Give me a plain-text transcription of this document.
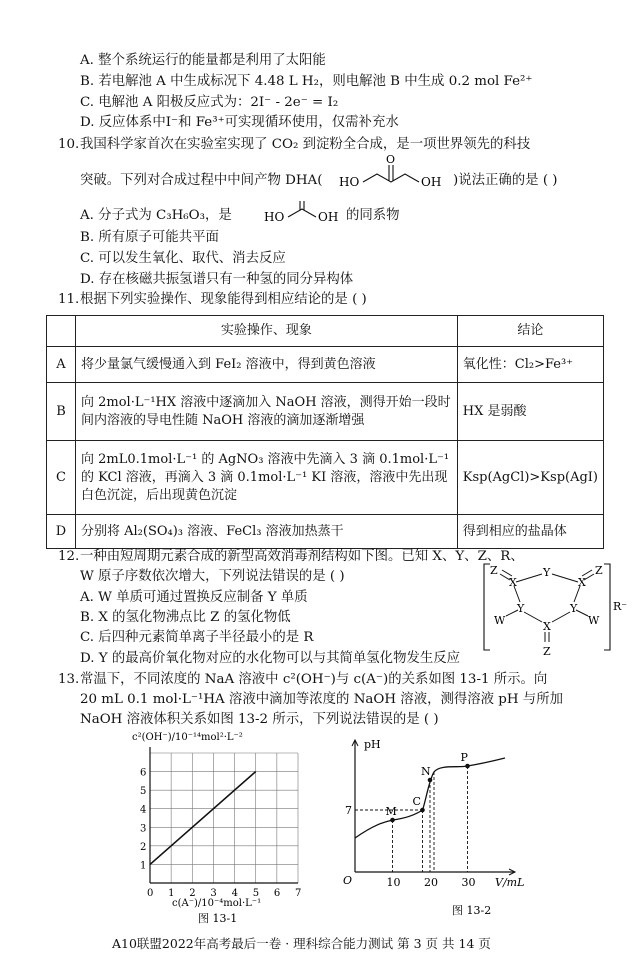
A. 整个系统运行的能量都是利用了太阳能
B. 若电解池 A 中生成标况下 4.48 L H₂，则电解池 B 中生成 0.2 mol Fe²⁺
C. 电解池 A 阳极反应式为：2I⁻ - 2e⁻ = I₂
D. 反应体系中I⁻和 Fe³⁺可实现循环使用，仅需补充水
10. 我国科学家首次在实验室实现了 CO₂ 到淀粉全合成，是一项世界领先的科技
突破。下列对合成过程中中间产物 DHA( HO
O
OH )说法正确的是 ( )
A. 分子式为 C₃H₆O₃，是	HO	OH 的同系物
B. 所有原子可能共平面
C. 可以发生氧化、取代、消去反应
D. 存在核磁共振氢谱只有一种氢的同分异构体
11. 根据下列实验操作、现象能得到相应结论的是 ( )
	实验操作、现象	结论
A	将少量氯气缓慢通入到 FeI₂ 溶液中，得到黄色溶液	氧化性：Cl₂>Fe³⁺
B	向 2mol·L⁻¹HX 溶液中逐滴加入 NaOH 溶液，测得开始一段时间内溶液的导电性随 NaOH 溶液的滴加逐渐增强	HX 是弱酸
C	向 2mL0.1mol·L⁻¹ 的 AgNO₃ 溶液中先滴入 3 滴 0.1mol·L⁻¹ 的 KCl 溶液，再滴入 3 滴 0.1mol·L⁻¹ KI 溶液，溶液中先出现白色沉淀，后出现黄色沉淀	Ksp(AgCl)>Ksp(AgI)
D	分别将 Al₂(SO₄)₃ 溶液、FeCl₃ 溶液加热蒸干	得到相应的盐晶体
12. 一种由短周期元素合成的新型高效消毒剂结构如下图。已知 X、Y、Z、R、
W 原子序数依次增大，下列说法错误的是 ( )
A. W 单质可通过置换反应制备 Y 单质
B. X 的氢化物沸点比 Z 的氢化物低
C. 后四种元素简单离子半径最小的是 R
D. Y 的最高价氧化物对应的水化物可以与其简单氢化物发生反应
Z
X
Y
X
Z
Y	Y
W	W
X
Z
R⁻
13. 常温下，不同浓度的 NaA 溶液中 c²(OH⁻)与 c(A⁻)的关系如图 13-1 所示。向
20 mL 0.1 mol·L⁻¹HA 溶液中滴加等浓度的 NaOH 溶液，测得溶液 pH 与所加
NaOH 溶液体积关系如图 13-2 所示，下列说法错误的是 ( )
0 1 2 3 4 5 6 7
1
2
3
4
5
6
c²(OH⁻)/10⁻¹⁴mol²·L⁻²
c(A⁻)/10⁻⁴mol·L⁻¹
图 13-1
M
C
N
P
10 20 30
7
pH
V/mL
O
图 13-2
A10联盟2022年高考最后一卷 · 理科综合能力测试 第 3 页 共 14 页
